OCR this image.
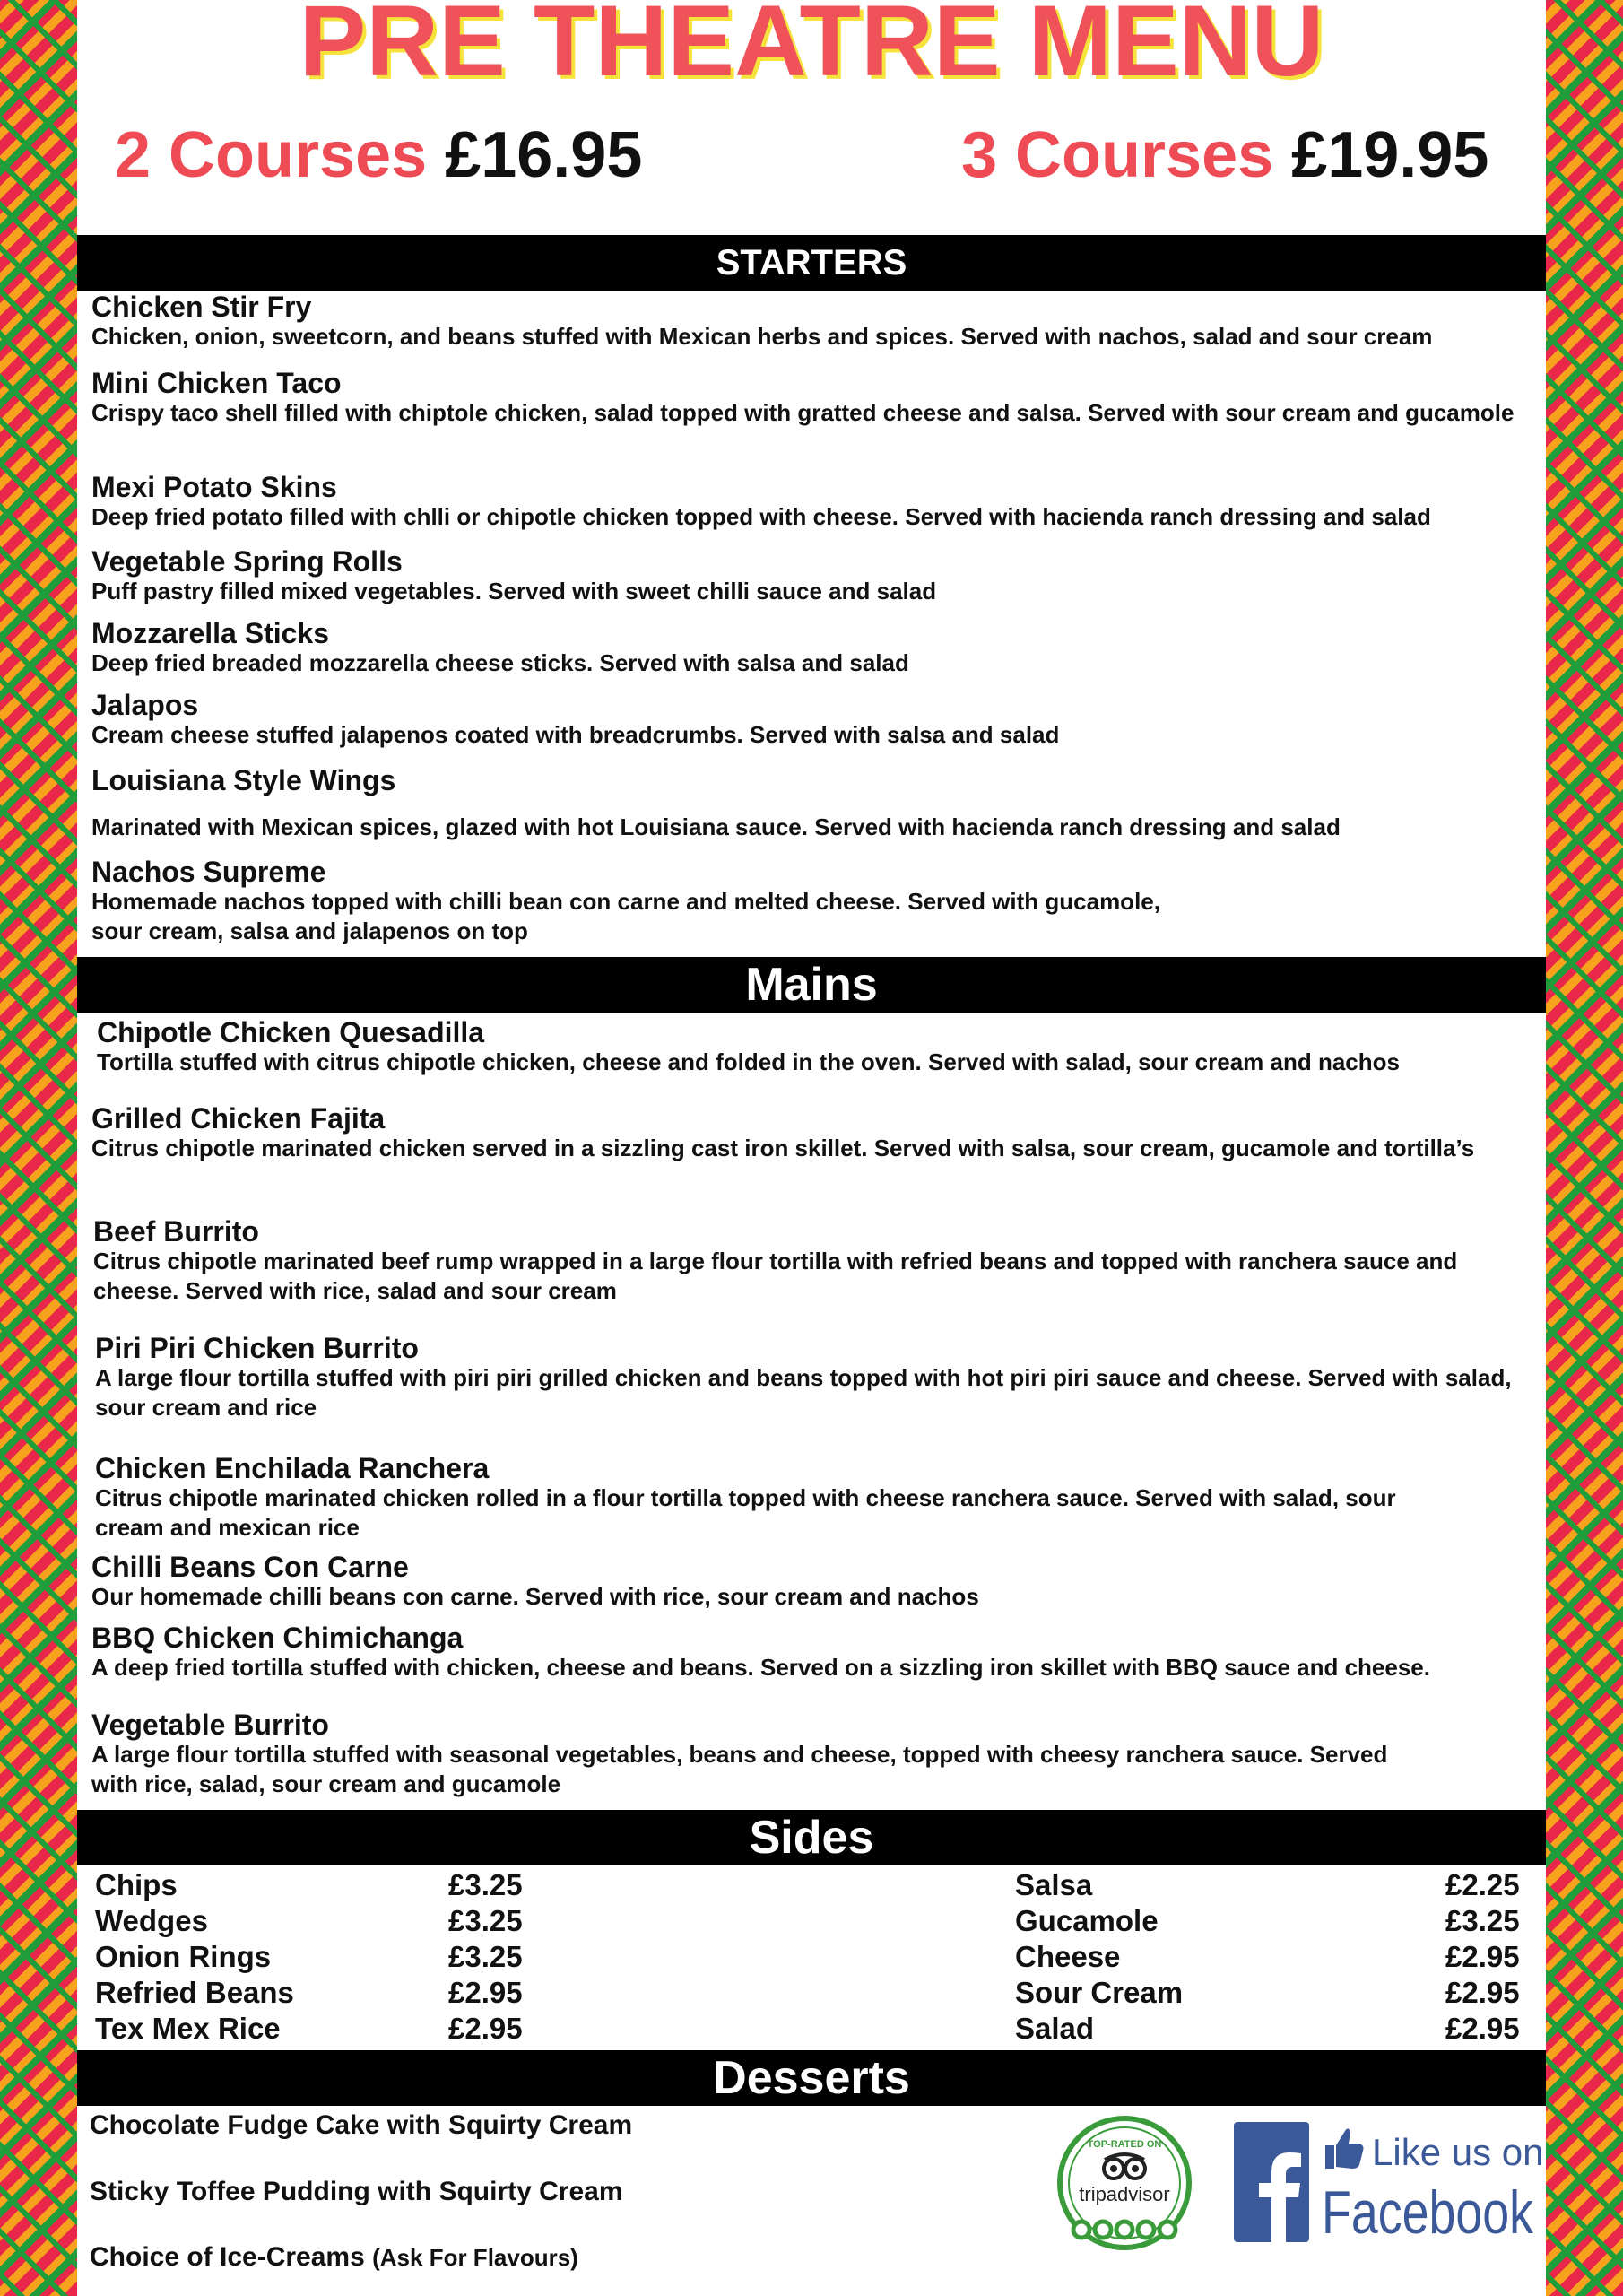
PRE THEATRE MENU
2 Courses £16.95	3 Courses £19.95
STARTERS
Chicken Stir Fry
Chicken, onion, sweetcorn, and beans stuffed with Mexican herbs and spices. Served with nachos, salad and sour cream
Mini Chicken Taco
Crispy taco shell filled with chiptole chicken, salad topped with gratted cheese and salsa. Served with sour cream and gucamole
Mexi Potato Skins
Deep fried potato filled with chlli or chipotle chicken topped with cheese. Served with hacienda ranch dressing and salad
Vegetable Spring Rolls
Puff pastry filled mixed vegetables. Served with sweet chilli sauce and salad
Mozzarella Sticks
Deep fried breaded mozzarella cheese sticks. Served with salsa and salad
Jalapos
Cream cheese stuffed jalapenos coated with breadcrumbs. Served with salsa and salad
Louisiana Style Wings
Marinated with Mexican spices, glazed with hot Louisiana sauce. Served with hacienda ranch dressing and salad
Nachos Supreme
Homemade nachos topped with chilli bean con carne and melted cheese. Served with gucamole, sour cream, salsa and jalapenos on top
Mains
Chipotle Chicken Quesadilla
Tortilla stuffed with citrus chipotle chicken, cheese and folded in the oven. Served with salad, sour cream and nachos
Grilled Chicken Fajita
Citrus chipotle marinated chicken served in a sizzling cast iron skillet. Served with salsa, sour cream, gucamole and tortilla’s
Beef Burrito
Citrus chipotle marinated beef rump wrapped in a large flour tortilla with refried beans and topped with ranchera sauce and cheese. Served with rice, salad and sour cream
Piri Piri Chicken Burrito
A large flour tortilla stuffed with piri piri grilled chicken and beans topped with hot piri piri sauce and cheese. Served with salad, sour cream and rice
Chicken Enchilada Ranchera
Citrus chipotle marinated chicken rolled in a flour tortilla topped with cheese ranchera sauce. Served with salad, sour cream and mexican rice
Chilli Beans Con Carne
Our homemade chilli beans con carne. Served with rice, sour cream and nachos
BBQ Chicken Chimichanga
A deep fried tortilla stuffed with chicken, cheese and beans. Served on a sizzling iron skillet with BBQ sauce and cheese.
Vegetable Burrito
A large flour tortilla stuffed with seasonal vegetables, beans and cheese, topped with cheesy ranchera sauce. Served with rice, salad, sour cream and gucamole
Sides
Chips	£3.25
Wedges	£3.25
Onion Rings	£3.25
Refried Beans	£2.95
Tex Mex Rice	£2.95
Salsa	£2.25
Gucamole	£3.25
Cheese	£2.95
Sour Cream	£2.95
Salad	£2.95
Desserts
Chocolate Fudge Cake with Squirty Cream
Sticky Toffee Pudding with Squirty Cream
Choice of Ice-Creams (Ask For Flavours)
TOP-RATED ON
tripadvisor
Like us on
Facebook
